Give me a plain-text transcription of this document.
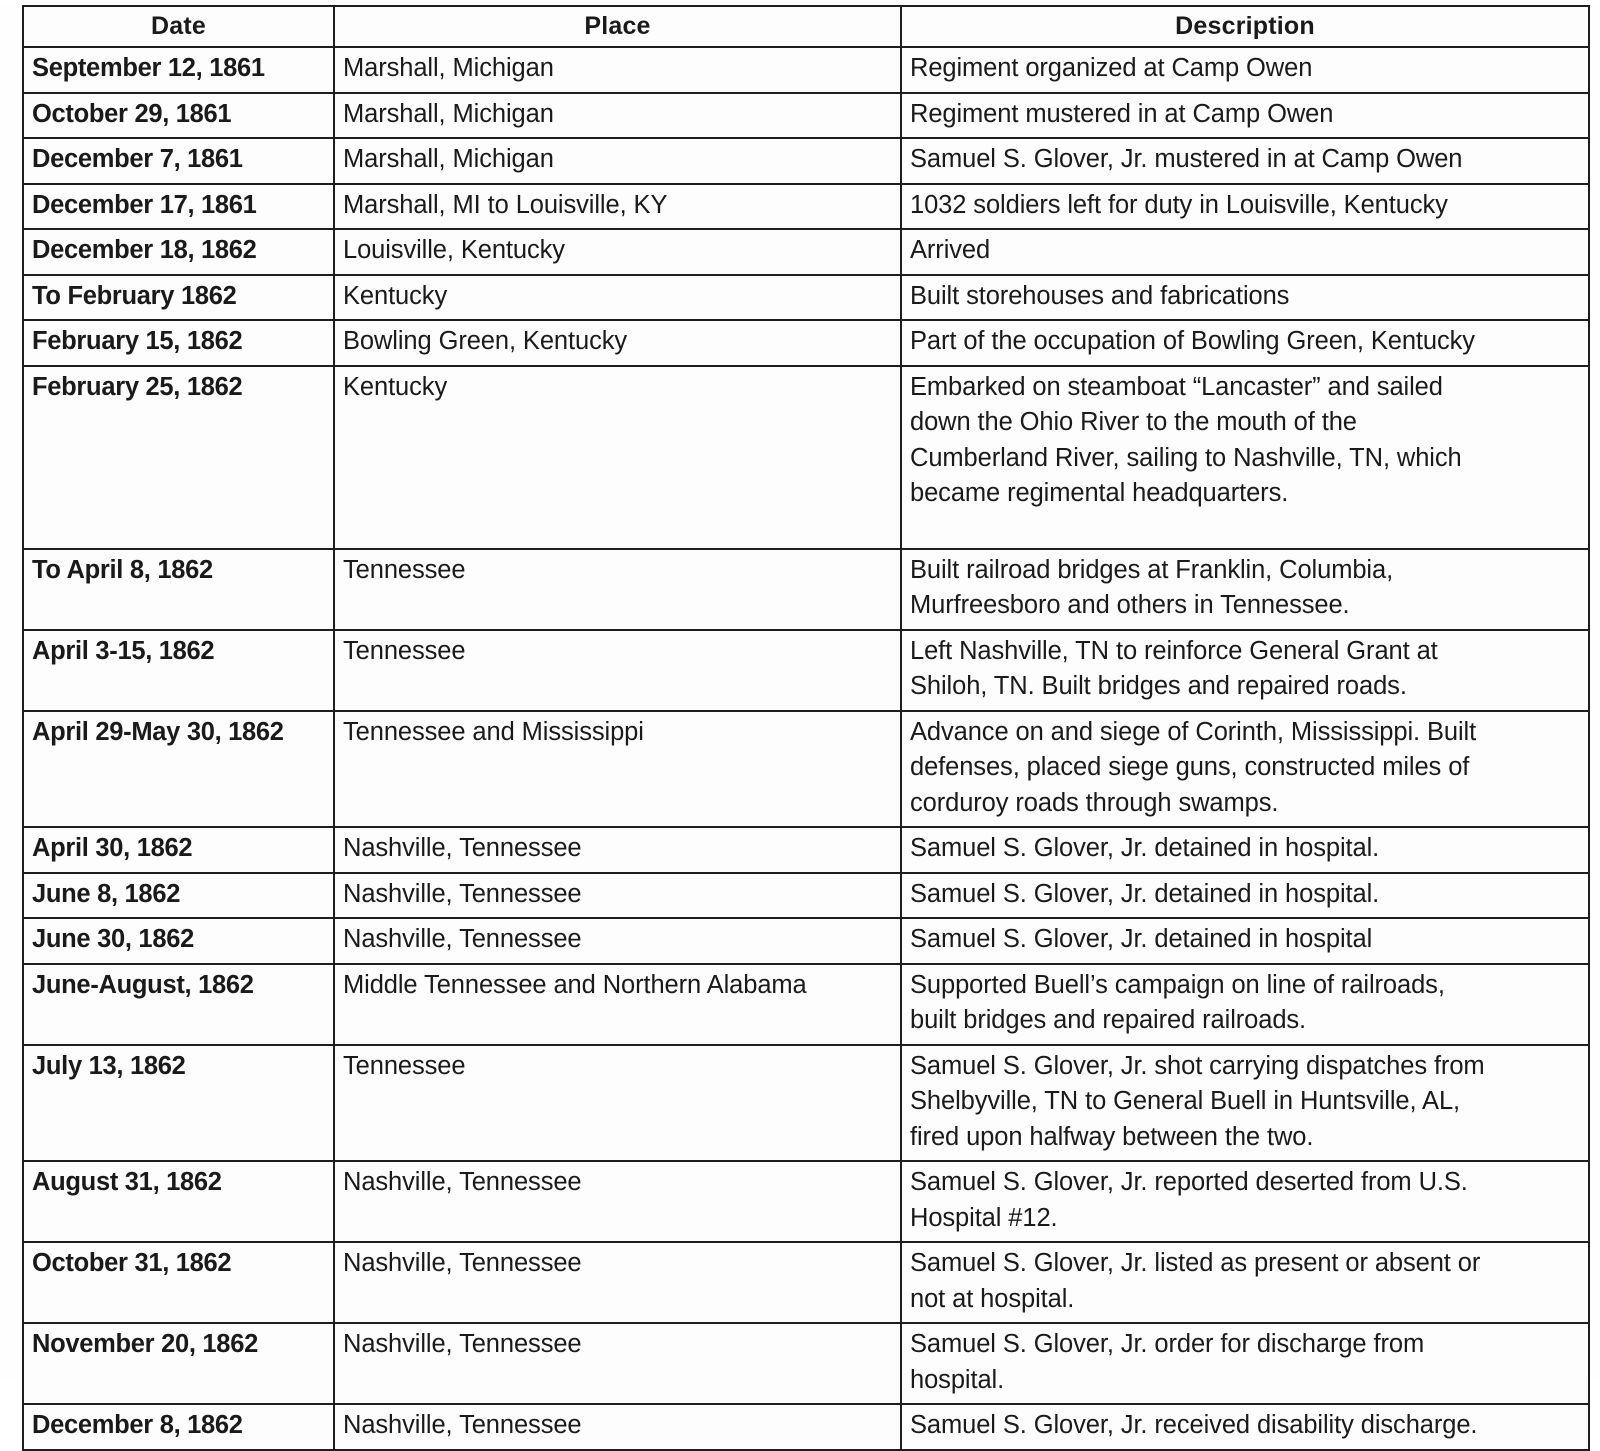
Date	Place	Description
September 12, 1861	Marshall, Michigan	Regiment organized at Camp Owen

October 29, 1861	Marshall, Michigan	Regiment mustered in at Camp Owen

December 7, 1861	Marshall, Michigan	Samuel S. Glover, Jr. mustered in at Camp Owen

December 17, 1861	Marshall, MI to Louisville, KY	1032 soldiers left for duty in Louisville, Kentucky

December 18, 1862	Louisville, Kentucky	Arrived

To February 1862	Kentucky	Built storehouses and fabrications

February 15, 1862	Bowling Green, Kentucky	Part of the occupation of Bowling Green, Kentucky

February 25, 1862	Kentucky	Embarked on steamboat “Lancaster” and sailed
down the Ohio River to the mouth of the
Cumberland River, sailing to Nashville, TN, which
became regimental headquarters.

To April 8, 1862	Tennessee	Built railroad bridges at Franklin, Columbia,
Murfreesboro and others in Tennessee.

April 3-15, 1862	Tennessee	Left Nashville, TN to reinforce General Grant at
Shiloh, TN. Built bridges and repaired roads.

April 29-May 30, 1862	Tennessee and Mississippi	Advance on and siege of Corinth, Mississippi. Built
defenses, placed siege guns, constructed miles of
corduroy roads through swamps.

April 30, 1862	Nashville, Tennessee	Samuel S. Glover, Jr. detained in hospital.

June 8, 1862	Nashville, Tennessee	Samuel S. Glover, Jr. detained in hospital.

June 30, 1862	Nashville, Tennessee	Samuel S. Glover, Jr. detained in hospital

June-August, 1862	Middle Tennessee and Northern Alabama	Supported Buell’s campaign on line of railroads,
built bridges and repaired railroads.

July 13, 1862	Tennessee	Samuel S. Glover, Jr. shot carrying dispatches from
Shelbyville, TN to General Buell in Huntsville, AL,
fired upon halfway between the two.

August 31, 1862	Nashville, Tennessee	Samuel S. Glover, Jr. reported deserted from U.S.
Hospital #12.

October 31, 1862	Nashville, Tennessee	Samuel S. Glover, Jr. listed as present or absent or
not at hospital.

November 20, 1862	Nashville, Tennessee	Samuel S. Glover, Jr. order for discharge from
hospital.

December 8, 1862	Nashville, Tennessee	Samuel S. Glover, Jr. received disability discharge.
